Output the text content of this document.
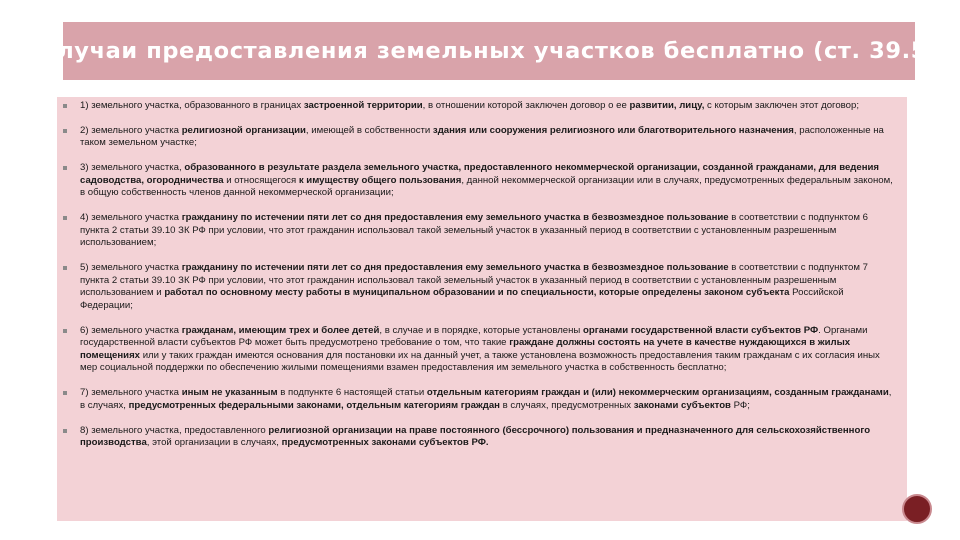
Случаи предоставления земельных участков бесплатно (ст. 39.5)
1) земельного участка, образованного в границах застроенной территории, в отношении которой заключен договор о ее развитии, лицу, с которым заключен этот договор;
2) земельного участка религиозной организации, имеющей в собственности здания или сооружения религиозного или благотворительного назначения, расположенные на таком земельном участке;
3) земельного участка, образованного в результате раздела земельного участка, предоставленного некоммерческой организации, созданной гражданами, для ведения садоводства, огородничества и относящегося к имуществу общего пользования, данной некоммерческой организации или в случаях, предусмотренных федеральным законом, в общую собственность членов данной некоммерческой организации;
4) земельного участка гражданину по истечении пяти лет со дня предоставления ему земельного участка в безвозмездное пользование в соответствии с подпунктом 6 пункта 2 статьи 39.10 ЗК РФ при условии, что этот гражданин использовал такой земельный участок в указанный период в соответствии с установленным разрешенным использованием;
5) земельного участка гражданину по истечении пяти лет со дня предоставления ему земельного участка в безвозмездное пользование в соответствии с подпунктом 7 пункта 2 статьи 39.10 ЗК РФ при условии, что этот гражданин использовал такой земельный участок в указанный период в соответствии с установленным разрешенным использованием и работал по основному месту работы в муниципальном образовании и по специальности, которые определены законом субъекта Российской Федерации;
6) земельного участка гражданам, имеющим трех и более детей, в случае и в порядке, которые установлены органами государственной власти субъектов РФ. Органами государственной власти субъектов РФ может быть предусмотрено требование о том, что такие граждане должны состоять на учете в качестве нуждающихся в жилых помещениях или у таких граждан имеются основания для постановки их на данный учет, а также установлена возможность предоставления таким гражданам с их согласия иных мер социальной поддержки по обеспечению жилыми помещениями взамен предоставления им земельного участка в собственность бесплатно;
7) земельного участка иным не указанным в подпункте 6 настоящей статьи отдельным категориям граждан и (или) некоммерческим организациям, созданным гражданами, в случаях, предусмотренных федеральными законами, отдельным категориям граждан в случаях, предусмотренных законами субъектов РФ;
8) земельного участка, предоставленного религиозной организации на праве постоянного (бессрочного) пользования и предназначенного для сельскохозяйственного производства, этой организации в случаях, предусмотренных законами субъектов РФ.
